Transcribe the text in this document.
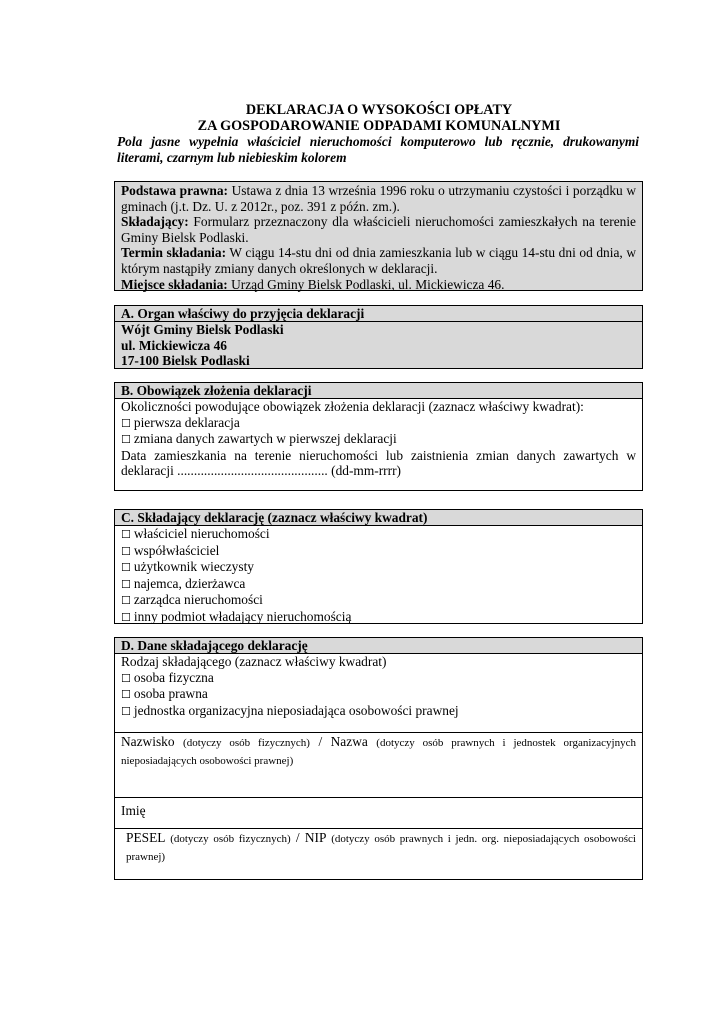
DEKLARACJA O WYSOKOŚCI OPŁATY
ZA GOSPODAROWANIE ODPADAMI KOMUNALNYMI
Pola jasne wypełnia właściciel nieruchomości komputerowo lub ręcznie, drukowanymi literami, czarnym lub niebieskim kolorem
Podstawa prawna: Ustawa z dnia 13 września 1996 roku o utrzymaniu czystości i porządku w gminach (j.t. Dz. U. z 2012r., poz. 391 z późn. zm.).
Składający: Formularz przeznaczony dla właścicieli nieruchomości zamieszkałych na terenie Gminy Bielsk Podlaski.
Termin składania: W ciągu 14-stu dni od dnia zamieszkania lub w ciągu 14-stu dni od dnia, w którym nastąpiły zmiany danych określonych w deklaracji.
Miejsce składania: Urząd Gminy Bielsk Podlaski, ul. Mickiewicza 46.
A. Organ właściwy do przyjęcia deklaracji
Wójt Gminy Bielsk Podlaski
ul. Mickiewicza 46
17-100 Bielsk Podlaski
B. Obowiązek złożenia deklaracji
Okoliczności powodujące obowiązek złożenia deklaracji (zaznacz właściwy kwadrat):
☐ pierwsza deklaracja
☐ zmiana danych zawartych w pierwszej deklaracji
Data zamieszkania na terenie nieruchomości lub zaistnienia zmian danych zawartych w deklaracji ............................................. (dd-mm-rrrr)
C. Składający deklarację (zaznacz właściwy kwadrat)
☐ właściciel nieruchomości
☐ współwłaściciel
☐ użytkownik wieczysty
☐ najemca, dzierżawca
☐ zarządca nieruchomości
☐ inny podmiot władający nieruchomością
D. Dane składającego deklarację
Rodzaj składającego (zaznacz właściwy kwadrat)
☐ osoba fizyczna
☐ osoba prawna
☐ jednostka organizacyjna nieposiadająca osobowości prawnej
Nazwisko (dotyczy osób fizycznych) / Nazwa (dotyczy osób prawnych i jednostek organizacyjnych nieposiadających osobowości prawnej)
Imię
PESEL (dotyczy osób fizycznych) / NIP (dotyczy osób prawnych i jedn. org. nieposiadających osobowości prawnej)
